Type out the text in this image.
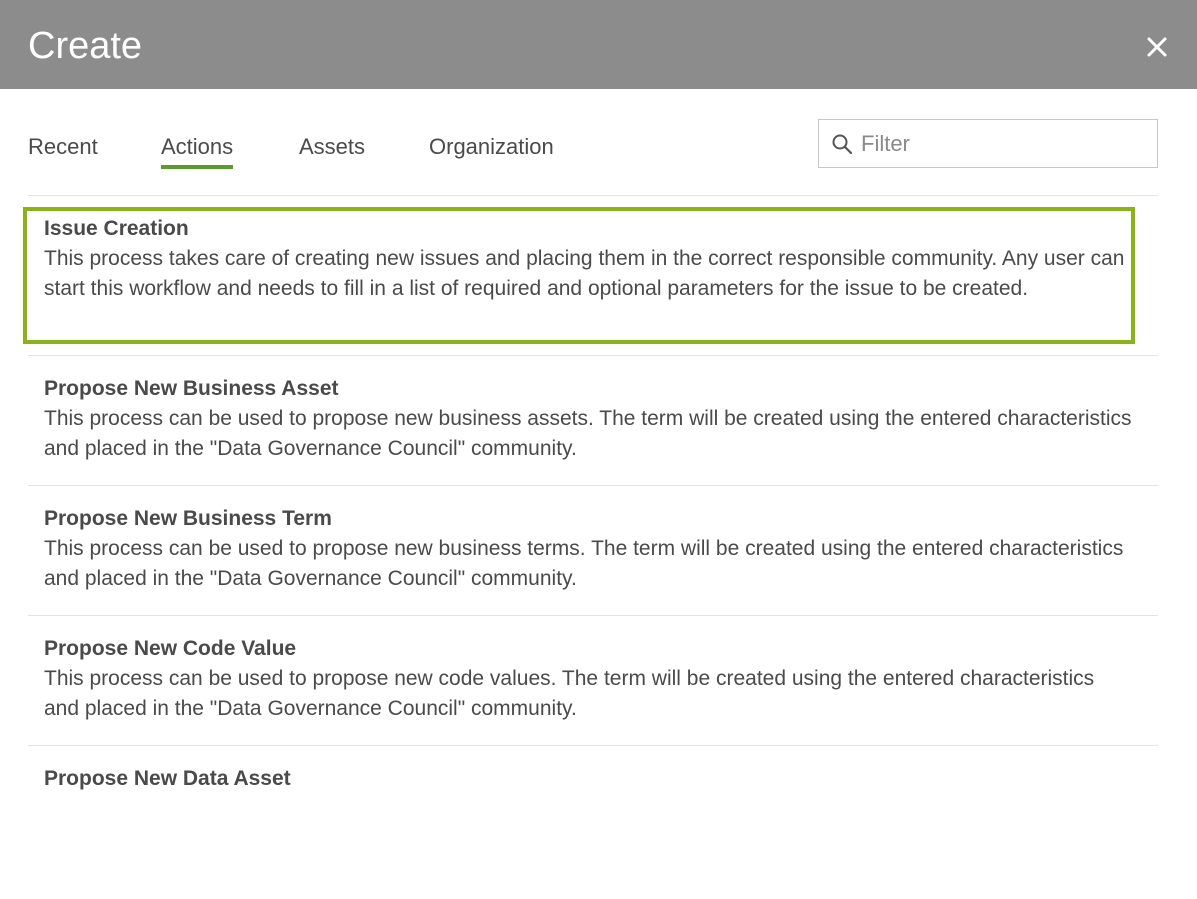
Create
Recent	Actions	Assets	Organization
Filter
Issue Creation
This process takes care of creating new issues and placing them in the correct responsible community. Any user can start this workflow and needs to fill in a list of required and optional parameters for the issue to be created.
Propose New Business Asset
This process can be used to propose new business assets. The term will be created using the entered characteristics and placed in the "Data Governance Council" community.
Propose New Business Term
This process can be used to propose new business terms. The term will be created using the entered characteristics and placed in the "Data Governance Council" community.
Propose New Code Value
This process can be used to propose new code values. The term will be created using the entered characteristics and placed in the "Data Governance Council" community.
Propose New Data Asset
